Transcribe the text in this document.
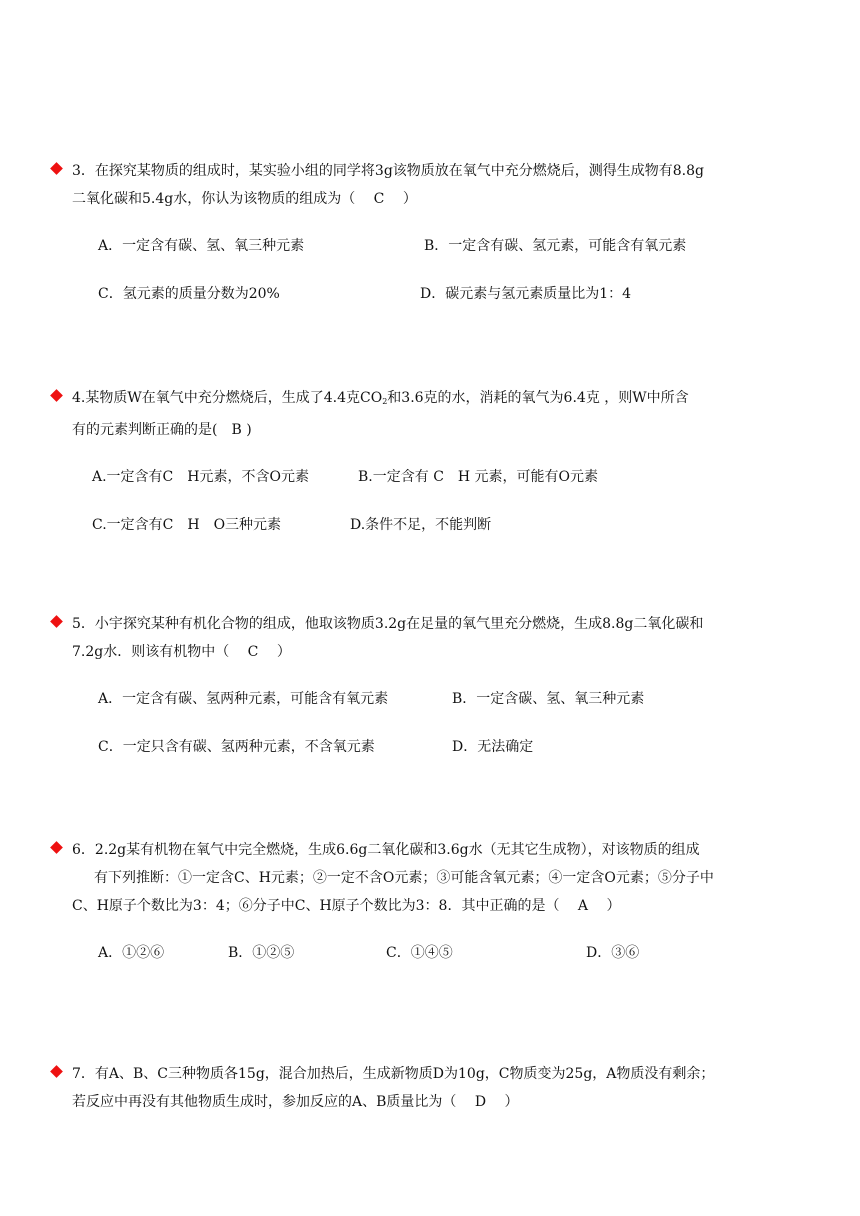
3．在探究某物质的组成时，某实验小组的同学将3g该物质放在氧气中充分燃烧后，测得生成物有8.8g
二氧化碳和5.4g水，你认为该物质的组成为（　 C　 ）
A．一定含有碳、氢、氧三种元素	B．一定含有碳、氢元素，可能含有氧元素
C．氢元素的质量分数为20%	D．碳元素与氢元素质量比为1：4
4.某物质W在氧气中充分燃烧后，生成了4.4克$CO_2$和3.6克的水，消耗的氧气为6.4克 ，则W中所含
有的元素判断正确的是(　B )
A.一定含有C　H元素，不含O元素	B.一定含有 C　H 元素，可能有O元素
C.一定含有C　H　O三种元素	D.条件不足，不能判断
5．小宇探究某种有机化合物的组成，他取该物质3.2g在足量的氧气里充分燃烧，生成8.8g二氧化碳和
7.2g水．则该有机物中（　 C　 ）
A．一定含有碳、氢两种元素，可能含有氧元素	B．一定含碳、氢、氧三种元素
C．一定只含有碳、氢两种元素，不含氧元素	D．无法确定
6．2.2g某有机物在氧气中完全燃烧，生成6.6g二氧化碳和3.6g水（无其它生成物），对该物质的组成
有下列推断：①一定含C、H元素；②一定不含O元素；③可能含氧元素；④一定含O元素；⑤分子中
C、H原子个数比为3：4；⑥分子中C、H原子个数比为3：8．其中正确的是（　 A　 ）
A．①②⑥	B．①②⑤	C．①④⑤	D．③⑥
7．有A、B、C三种物质各15g，混合加热后，生成新物质D为10g，C物质变为25g，A物质没有剩余；
若反应中再没有其他物质生成时，参加反应的A、B质量比为（　 D　 ）
